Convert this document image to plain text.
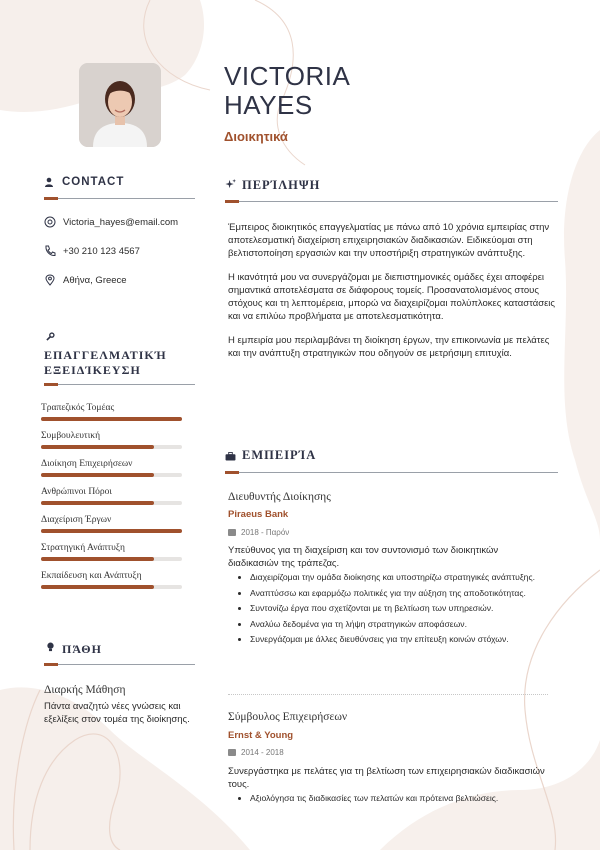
VICTORIA
HAYES
Διοικητικά
CONTACT
Victoria_hayes@email.com
+30 210 123 4567
Αθήνα, Greece
ΕΠΑΓΓΕΛΜΑΤΙΚΉ
ΕΞΕΙΔΊΚΕΥΣΗ
Τραπεζικός Τομέας
Συμβουλευτική
Διοίκηση Επιχειρήσεων
Ανθρώπινοι Πόροι
Διαχείριση Έργων
Στρατηγική Ανάπτυξη
Εκπαίδευση και Ανάπτυξη
ΠΆΘΗ
Διαρκής Μάθηση
Πάντα αναζητώ νέες γνώσεις και εξελίξεις στον τομέα της διοίκησης.
ΠΕΡΊΛΗΨΗ

Έμπειρος διοικητικός επαγγελματίας με πάνω από 10 χρόνια εμπειρίας στην αποτελεσματική διαχείριση επιχειρησιακών διαδικασιών. Ειδικεύομαι στη βελτιστοποίηση εργασιών και την υποστήριξη στρατηγικών ανάπτυξης.

Η ικανότητά μου να συνεργάζομαι με διεπιστημονικές ομάδες έχει αποφέρει σημαντικά αποτελέσματα σε διάφορους τομείς. Προσανατολισμένος στους στόχους και τη λεπτομέρεια, μπορώ να διαχειρίζομαι πολύπλοκες καταστάσεις και να επιλύω προβλήματα με αποτελεσματικότητα.

Η εμπειρία μου περιλαμβάνει τη διοίκηση έργων, την επικοινωνία με πελάτες και την ανάπτυξη στρατηγικών που οδηγούν σε μετρήσιμη επιτυχία.

ΕΜΠΕΙΡΊΑ
Διευθυντής Διοίκησης
Piraeus Bank
2018 - Παρόν
Υπεύθυνος για τη διαχείριση και τον συντονισμό των διοικητικών διαδικασιών της τράπεζας.
• Διαχειρίζομαι την ομάδα διοίκησης και υποστηρίζω στρατηγικές ανάπτυξης.
• Αναπτύσσω και εφαρμόζω πολιτικές για την αύξηση της αποδοτικότητας.
• Συντονίζω έργα που σχετίζονται με τη βελτίωση των υπηρεσιών.
• Αναλύω δεδομένα για τη λήψη στρατηγικών αποφάσεων.
• Συνεργάζομαι με άλλες διευθύνσεις για την επίτευξη κοινών στόχων.
Σύμβουλος Επιχειρήσεων
Ernst & Young
2014 - 2018
Συνεργάστηκα με πελάτες για τη βελτίωση των επιχειρησιακών διαδικασιών τους.
• Αξιολόγησα τις διαδικασίες των πελατών και πρότεινα βελτιώσεις.
